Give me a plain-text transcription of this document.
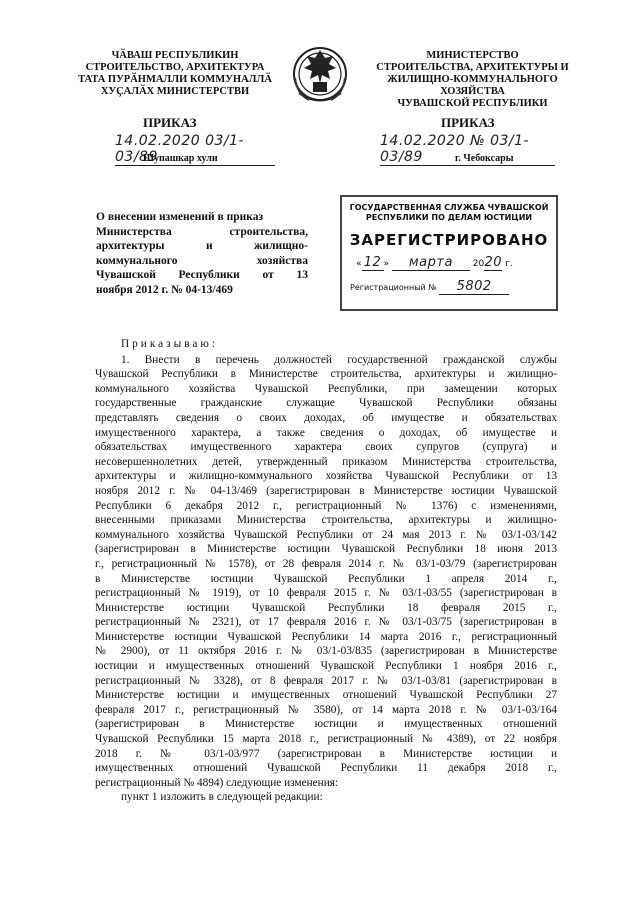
ЧӐВАШ РЕСПУБЛИКИН
СТРОИТЕЛЬСТВО, АРХИТЕКТУРА
ТАТА ПУРӐНМАЛЛИ КОММУНАЛЛӐ
ХУҪАЛӐХ МИНИСТЕРСТВИ
МИНИСТЕРСТВО
СТРОИТЕЛЬСТВА, АРХИТЕКТУРЫ И
ЖИЛИЩНО-КОММУНАЛЬНОГО ХОЗЯЙСТВА
ЧУВАШСКОЙ РЕСПУБЛИКИ
ПРИКАЗ	ПРИКАЗ
14.02.2020 03/1-03/89
14.02.2020 № 03/1-03/89
Шупашкар хули	г. Чебоксары
О внесении изменений в приказ
Министерства строительства,
архитектуры и жилищно-
коммунального хозяйства
Чувашской Республики от 13
ноября 2012 г. № 04-13/469
ГОСУДАРСТВЕННАЯ СЛУЖБА ЧУВАШСКОЙ
РЕСПУБЛИКИ ПО ДЕЛАМ ЮСТИЦИИ
ЗАРЕГИСТРИРОВАНО
« 12 » марта 2020 г.
Регистрационный № 5802
Приказываю:
1. Внести в перечень должностей государственной гражданской службы
Чувашской Республики в Министерстве строительства, архитектуры и жилищно-
коммунального хозяйства Чувашской Республики, при замещении которых
государственные гражданские служащие Чувашской Республики обязаны
представлять сведения о своих доходах, об имуществе и обязательствах
имущественного характера, а также сведения о доходах, об имуществе и
обязательствах имущественного характера своих супругов (супруга) и
несовершеннолетних детей, утвержденный приказом Министерства строительства,
архитектуры и жилищно-коммунального хозяйства Чувашской Республики от 13
ноября 2012 г. № 04-13/469 (зарегистрирован в Министерстве юстиции Чувашской
Республики 6 декабря 2012 г., регистрационный № 1376) с изменениями,
внесенными приказами Министерства строительства, архитектуры и жилищно-
коммунального хозяйства Чувашской Республики от 24 мая 2013 г. № 03/1-03/142
(зарегистрирован в Министерстве юстиции Чувашской Республики 18 июня 2013
г., регистрационный № 1578), от 28 февраля 2014 г. № 03/1-03/79 (зарегистрирован
в Министерстве юстиции Чувашской Республики 1 апреля 2014 г.,
регистрационный № 1919), от 10 февраля 2015 г. № 03/1-03/55 (зарегистрирован в
Министерстве юстиции Чувашской Республики 18 февраля 2015 г.,
регистрационный № 2321), от 17 февраля 2016 г. № 03/1-03/75 (зарегистрирован в
Министерстве юстиции Чувашской Республики 14 марта 2016 г., регистрационный
№ 2900), от 11 октября 2016 г. № 03/1-03/835 (зарегистрирован в Министерстве
юстиции и имущественных отношений Чувашской Республики 1 ноября 2016 г.,
регистрационный № 3328), от 8 февраля 2017 г. № 03/1-03/81 (зарегистрирован в
Министерстве юстиции и имущественных отношений Чувашской Республики 27
февраля 2017 г., регистрационный № 3580), от 14 марта 2018 г. № 03/1-03/164
(зарегистрирован в Министерстве юстиции и имущественных отношений
Чувашской Республики 15 марта 2018 г., регистрационный № 4389), от 22 ноября
2018 г. № 03/1-03/977 (зарегистрирован в Министерстве юстиции и
имущественных отношений Чувашской Республики 11 декабря 2018 г.,
регистрационный № 4894) следующие изменения:
пункт 1 изложить в следующей редакции:
